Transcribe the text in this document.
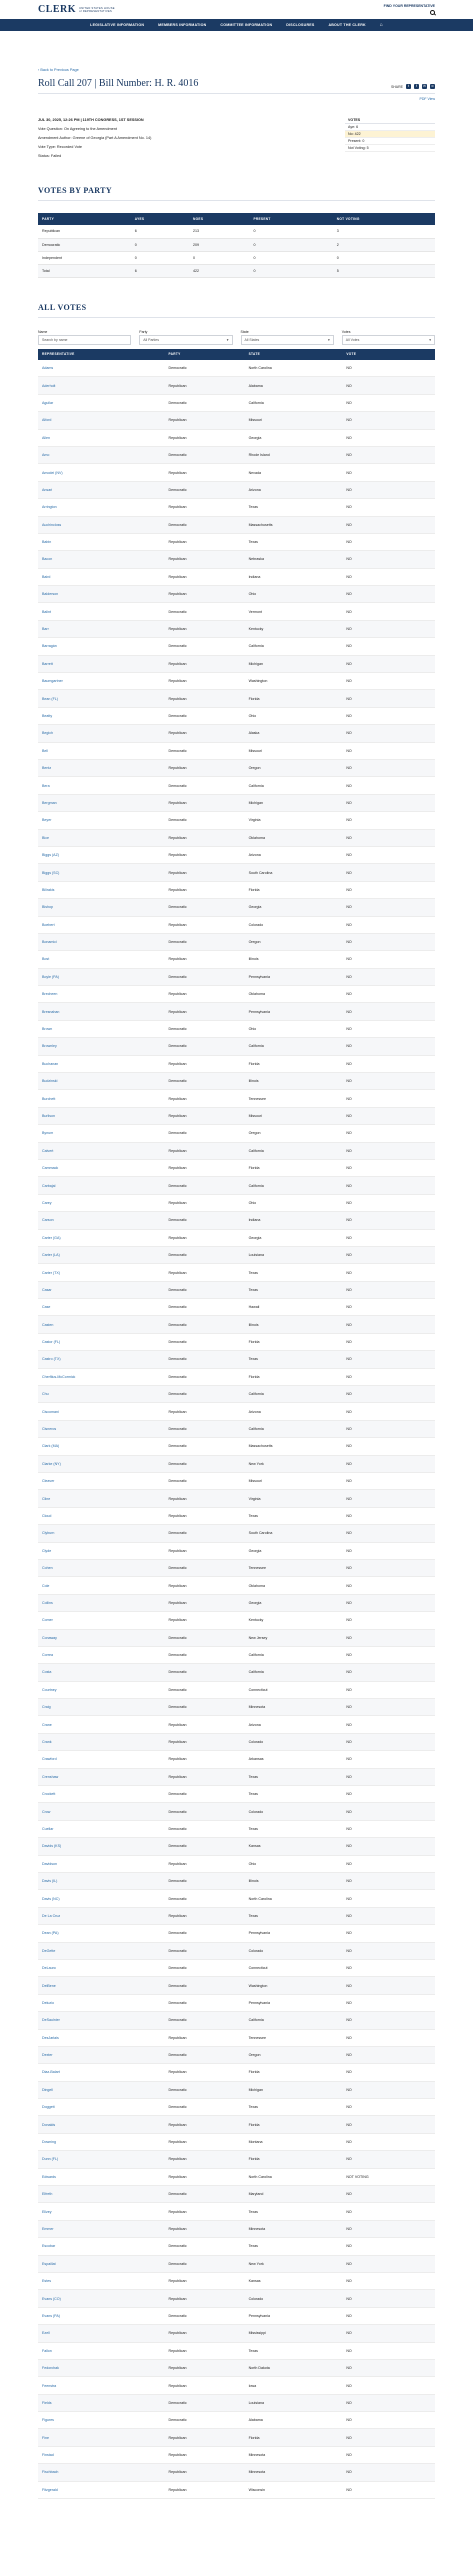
CLERK UNITED STATES HOUSE
of REPRESENTATIVES
FIND YOUR REPRESENTATIVE
LEGISLATIVE INFORMATION	MEMBERS INFORMATION	COMMITTEE INFORMATION	DISCLOSURES	ABOUT THE CLERK	⌂
‹ Back to Previous Page
Roll Call 207 | Bill Number: H. R. 4016	SHARE	t	f	✉	∞
PDF View
JUL 30, 2025, 12:26 PM | 119TH CONGRESS, 1ST SESSION
Vote Question: On Agreeing to the Amendment
Amendment Author: Greene of Georgia (Part A Amendment No. 14)
Vote Type: Recorded Vote
Status: Failed
VOTES
Aye: 6
No: 422
Present: 0
Not Voting: 5
VOTES BY PARTY
PARTY	AYES	NOES	PRESENT	NOT VOTING
Republican	6	213	0	3
Democratic	0	209	0	2
Independent	0	0	0	0
Total	6	422	0	5
ALL VOTES
Name
Search by name
Party
All Parties	▾
State
All States	▾
Votes
All Votes	▾
REPRESENTATIVE	PARTY	STATE	VOTE
Adams	Democratic	North Carolina	NO
Aderholt	Republican	Alabama	NO
Aguilar	Democratic	California	NO
Alford	Republican	Missouri	NO
Allen	Republican	Georgia	NO
Amo	Democratic	Rhode Island	NO
Amodei (NV)	Republican	Nevada	NO
Ansari	Democratic	Arizona	NO
Arrington	Republican	Texas	NO
Auchincloss	Democratic	Massachusetts	NO
Babin	Republican	Texas	NO
Bacon	Republican	Nebraska	NO
Baird	Republican	Indiana	NO
Balderson	Republican	Ohio	NO
Balint	Democratic	Vermont	NO
Barr	Republican	Kentucky	NO
Barragán	Democratic	California	NO
Barrett	Republican	Michigan	NO
Baumgartner	Republican	Washington	NO
Bean (FL)	Republican	Florida	NO
Beatty	Democratic	Ohio	NO
Begich	Republican	Alaska	NO
Bell	Democratic	Missouri	NO
Bentz	Republican	Oregon	NO
Bera	Democratic	California	NO
Bergman	Republican	Michigan	NO
Beyer	Democratic	Virginia	NO
Bice	Republican	Oklahoma	NO
Biggs (AZ)	Republican	Arizona	NO
Biggs (SC)	Republican	South Carolina	NO
Bilirakis	Republican	Florida	NO
Bishop	Democratic	Georgia	NO
Boebert	Republican	Colorado	NO
Bonamici	Democratic	Oregon	NO
Bost	Republican	Illinois	NO
Boyle (PA)	Democratic	Pennsylvania	NO
Brecheen	Republican	Oklahoma	NO
Bresnahan	Republican	Pennsylvania	NO
Brown	Democratic	Ohio	NO
Brownley	Democratic	California	NO
Buchanan	Republican	Florida	NO
Budzinski	Democratic	Illinois	NO
Burchett	Republican	Tennessee	NO
Burlison	Republican	Missouri	NO
Bynum	Democratic	Oregon	NO
Calvert	Republican	California	NO
Cammack	Republican	Florida	NO
Carbajal	Democratic	California	NO
Carey	Republican	Ohio	NO
Carson	Democratic	Indiana	NO
Carter (GA)	Republican	Georgia	NO
Carter (LA)	Democratic	Louisiana	NO
Carter (TX)	Republican	Texas	NO
Casar	Democratic	Texas	NO
Case	Democratic	Hawaii	NO
Casten	Democratic	Illinois	NO
Castor (FL)	Democratic	Florida	NO
Castro (TX)	Democratic	Texas	NO
Cherfilus-McCormick	Democratic	Florida	NO
Chu	Democratic	California	NO
Ciscomani	Republican	Arizona	NO
Cisneros	Democratic	California	NO
Clark (MA)	Democratic	Massachusetts	NO
Clarke (NY)	Democratic	New York	NO
Cleaver	Democratic	Missouri	NO
Cline	Republican	Virginia	NO
Cloud	Republican	Texas	NO
Clyburn	Democratic	South Carolina	NO
Clyde	Republican	Georgia	NO
Cohen	Democratic	Tennessee	NO
Cole	Republican	Oklahoma	NO
Collins	Republican	Georgia	NO
Comer	Republican	Kentucky	NO
Conaway	Democratic	New Jersey	NO
Correa	Democratic	California	NO
Costa	Democratic	California	NO
Courtney	Democratic	Connecticut	NO
Craig	Democratic	Minnesota	NO
Crane	Republican	Arizona	NO
Crank	Republican	Colorado	NO
Crawford	Republican	Arkansas	NO
Crenshaw	Republican	Texas	NO
Crockett	Democratic	Texas	NO
Crow	Democratic	Colorado	NO
Cuellar	Democratic	Texas	NO
Davids (KS)	Democratic	Kansas	NO
Davidson	Republican	Ohio	NO
Davis (IL)	Democratic	Illinois	NO
Davis (NC)	Democratic	North Carolina	NO
De La Cruz	Republican	Texas	NO
Dean (PA)	Democratic	Pennsylvania	NO
DeGette	Democratic	Colorado	NO
DeLauro	Democratic	Connecticut	NO
DelBene	Democratic	Washington	NO
Deluzio	Democratic	Pennsylvania	NO
DeSaulnier	Democratic	California	NO
DesJarlais	Republican	Tennessee	NO
Dexter	Democratic	Oregon	NO
Diaz-Balart	Republican	Florida	NO
Dingell	Democratic	Michigan	NO
Doggett	Democratic	Texas	NO
Donalds	Republican	Florida	NO
Downing	Republican	Montana	NO
Dunn (FL)	Republican	Florida	NO
Edwards	Republican	North Carolina	NOT VOTING
Elfreth	Democratic	Maryland	NO
Ellzey	Republican	Texas	NO
Emmer	Republican	Minnesota	NO
Escobar	Democratic	Texas	NO
Espaillat	Democratic	New York	NO
Estes	Republican	Kansas	NO
Evans (CO)	Republican	Colorado	NO
Evans (PA)	Democratic	Pennsylvania	NO
Ezell	Republican	Mississippi	NO
Fallon	Republican	Texas	NO
Fedorchak	Republican	North Dakota	NO
Feenstra	Republican	Iowa	NO
Fields	Democratic	Louisiana	NO
Figures	Democratic	Alabama	NO
Fine	Republican	Florida	NO
Finstad	Republican	Minnesota	NO
Fischbach	Republican	Minnesota	NO
Fitzgerald	Republican	Wisconsin	NO
